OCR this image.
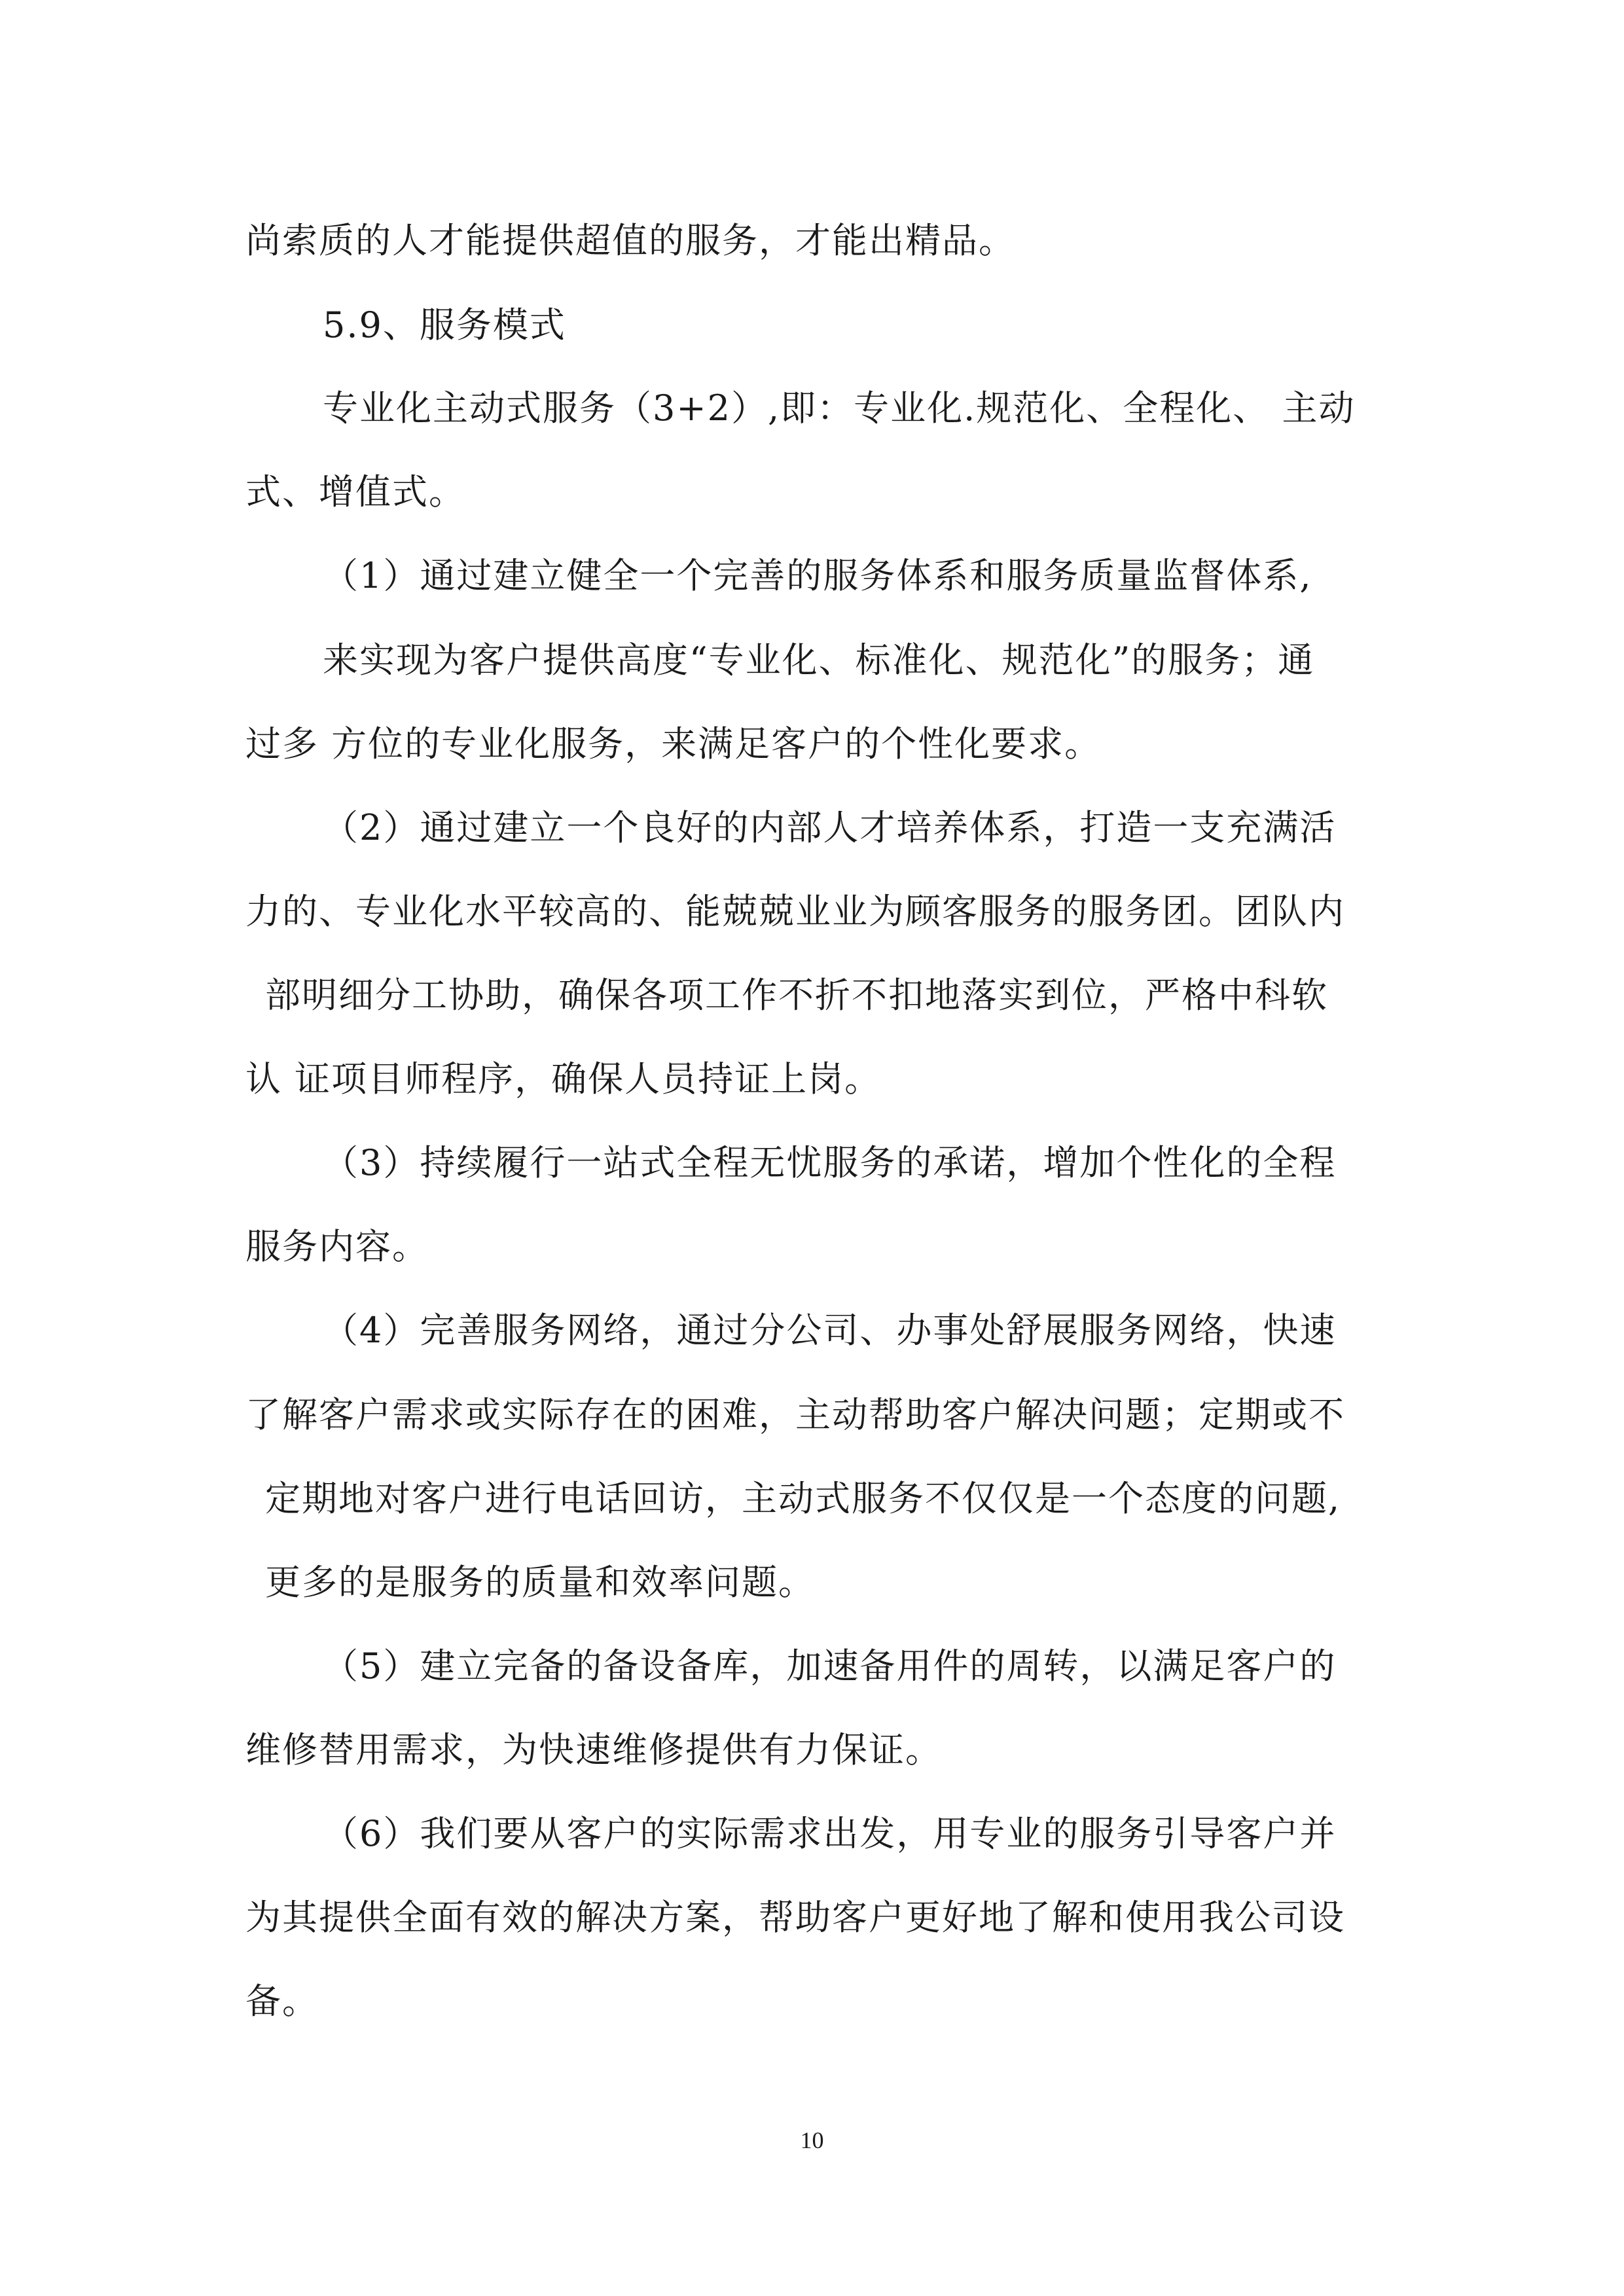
尚索质的人才能提供超值的服务，才能出精品。
5.9、服务模式
专业化主动式服务（3+2）,即：专业化.规范化、全程化、 主动
式、增值式。
（1）通过建立健全一个完善的服务体系和服务质量监督体系,
来实现为客户提供高度“专业化、标准化、规范化”的服务；通
过多 方位的专业化服务，来满足客户的个性化要求。
（2）通过建立一个良好的内部人才培养体系，打造一支充满活
力的、专业化水平较高的、能兢兢业业为顾客服务的服务团。团队内
部明细分工协助，确保各项工作不折不扣地落实到位，严格中科软
认 证项目师程序，确保人员持证上岗。
（3）持续履行一站式全程无忧服务的承诺，增加个性化的全程
服务内容。
（4）完善服务网络，通过分公司、办事处舒展服务网络，快速
了解客户需求或实际存在的困难，主动帮助客户解决问题；定期或不
定期地对客户进行电话回访，主动式服务不仅仅是一个态度的问题,
更多的是服务的质量和效率问题。
（5）建立完备的备设备库，加速备用件的周转，以满足客户的
维修替用需求，为快速维修提供有力保证。
（6）我们要从客户的实际需求出发，用专业的服务引导客户并
为其提供全面有效的解决方案，帮助客户更好地了解和使用我公司设
备。
10
